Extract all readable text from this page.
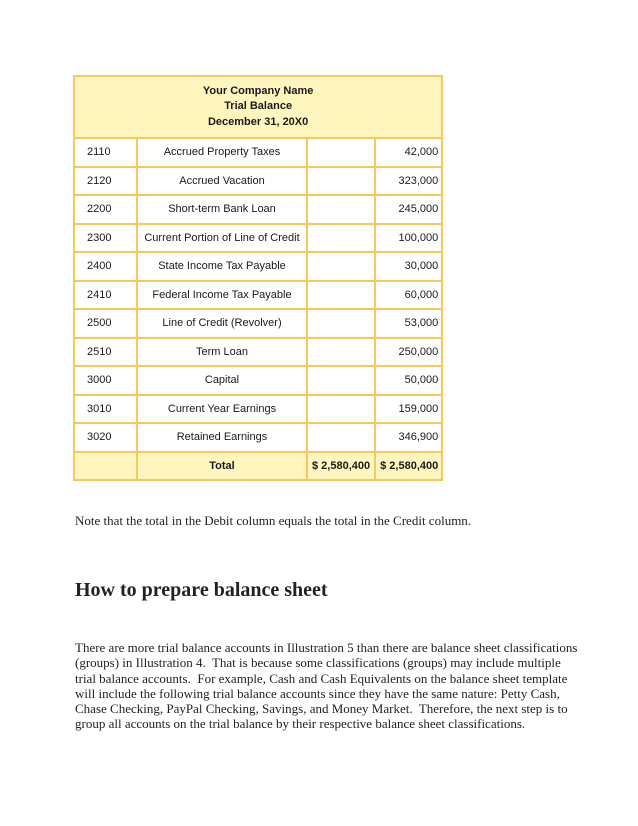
Your Company Name
Trial Balance
December 31, 20X0			

2110	Accrued Property Taxes		42,000
2120	Accrued Vacation		323,000
2200	Short-term Bank Loan		245,000
2300	Current Portion of Line of Credit		100,000
2400	State Income Tax Payable		30,000
2410	Federal Income Tax Payable		60,000
2500	Line of Credit (Revolver)		53,000
2510	Term Loan		250,000
3000	Capital		50,000
3010	Current Year Earnings		159,000
3020	Retained Earnings		346,900
	Total	$ 2,580,400	$ 2,580,400

Note that the total in the Debit column equals the total in the Credit column.

How to prepare balance sheet

There are more trial balance accounts in Illustration 5 than there are balance sheet classifications
(groups) in Illustration 4.  That is because some classifications (groups) may include multiple
trial balance accounts.  For example, Cash and Cash Equivalents on the balance sheet template
will include the following trial balance accounts since they have the same nature: Petty Cash,
Chase Checking, PayPal Checking, Savings, and Money Market.  Therefore, the next step is to
group all accounts on the trial balance by their respective balance sheet classifications.
